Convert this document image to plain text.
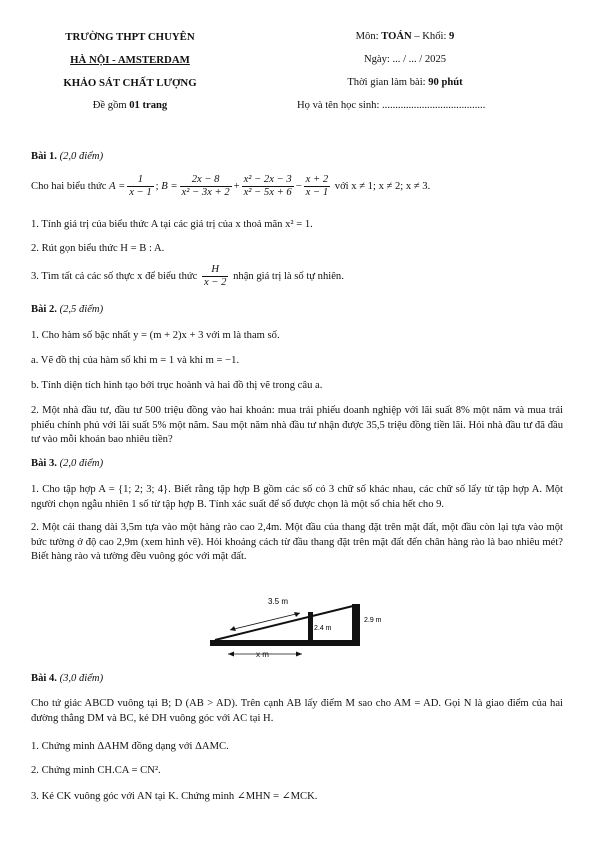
TRƯỜNG THPT CHUYÊN
HÀ NỘI - AMSTERDAM
KHẢO SÁT CHẤT LƯỢNG
Đề gồm 01 trang
Môn: TOÁN – Khối: 9
Ngày: ... / ... / 2025
Thời gian làm bài: 90 phút
Họ và tên học sinh: .......................................
Bài 1. (2,0 điểm)
Cho hai biểu thức $A = \frac{1}{x - 1}$ ; $B = \frac{2x - 8}{\text{x² − 3x + 2}} + \frac{\text{x² − 2x − 3}}{\text{x² − 5x + 6}} - \frac{x + 2}{x - 1}$ với x ≠ 1; x ≠ 2; x ≠ 3.
1. Tính giá trị của biểu thức A tại các giá trị của x thoả mãn x² = 1.
2. Rút gọn biểu thức H = B : A.
3. Tìm tất cả các số thực x để biểu thức $\frac{H}{x - 2}$ nhận giá trị là số tự nhiên.
Bài 2. (2,5 điểm)
1. Cho hàm số bậc nhất y = (m + 2)x + 3 với m là tham số.
a. Vẽ đồ thị của hàm số khi m = 1 và khi m = −1.
b. Tính diện tích hình tạo bởi trục hoành và hai đồ thị vẽ trong câu a.
2. Một nhà đầu tư, đầu tư 500 triệu đồng vào hai khoản: mua trái phiếu doanh nghiệp với lãi suất 8% một năm và mua trái phiếu chính phủ với lãi suất 5% một năm. Sau một năm nhà đầu tư nhận được 35,5 triệu đồng tiền lãi. Hỏi nhà đầu tư đã đầu tư vào mỗi khoản bao nhiêu tiền?
Bài 3. (2,0 điểm)
1. Cho tập hợp A = {1; 2; 3; 4}. Biết rằng tập hợp B gồm các số có 3 chữ số khác nhau, các chữ số lấy từ tập hợp A. Một người chọn ngẫu nhiên 1 số từ tập hợp B. Tính xác suất để số được chọn là một số chia hết cho 9.
2. Một cái thang dài 3,5m tựa vào một hàng rào cao 2,4m. Một đầu của thang đặt trên mặt đất, một đầu còn lại tựa vào một bức tường ở độ cao 2,9m (xem hình vẽ). Hỏi khoảng cách từ đầu thang đặt trên mặt đất đến chân hàng rào là bao nhiêu mét? Biết hàng rào và tường đều vuông góc với mặt đất.
3.5 m
2.4 m
2.9 m
x m
Bài 4. (3,0 điểm)
Cho tứ giác ABCD vuông tại B; D (AB > AD). Trên cạnh AB lấy điểm M sao cho AM = AD. Gọi N là giao điểm của hai đường thẳng DM và BC, kẻ DH vuông góc với AC tại H.
1. Chứng minh ΔAHM đồng dạng với ΔAMC.
2. Chứng minh CH.CA = CN².
3. Kẻ CK vuông góc với AN tại K. Chứng minh ∠MHN = ∠MCK.
